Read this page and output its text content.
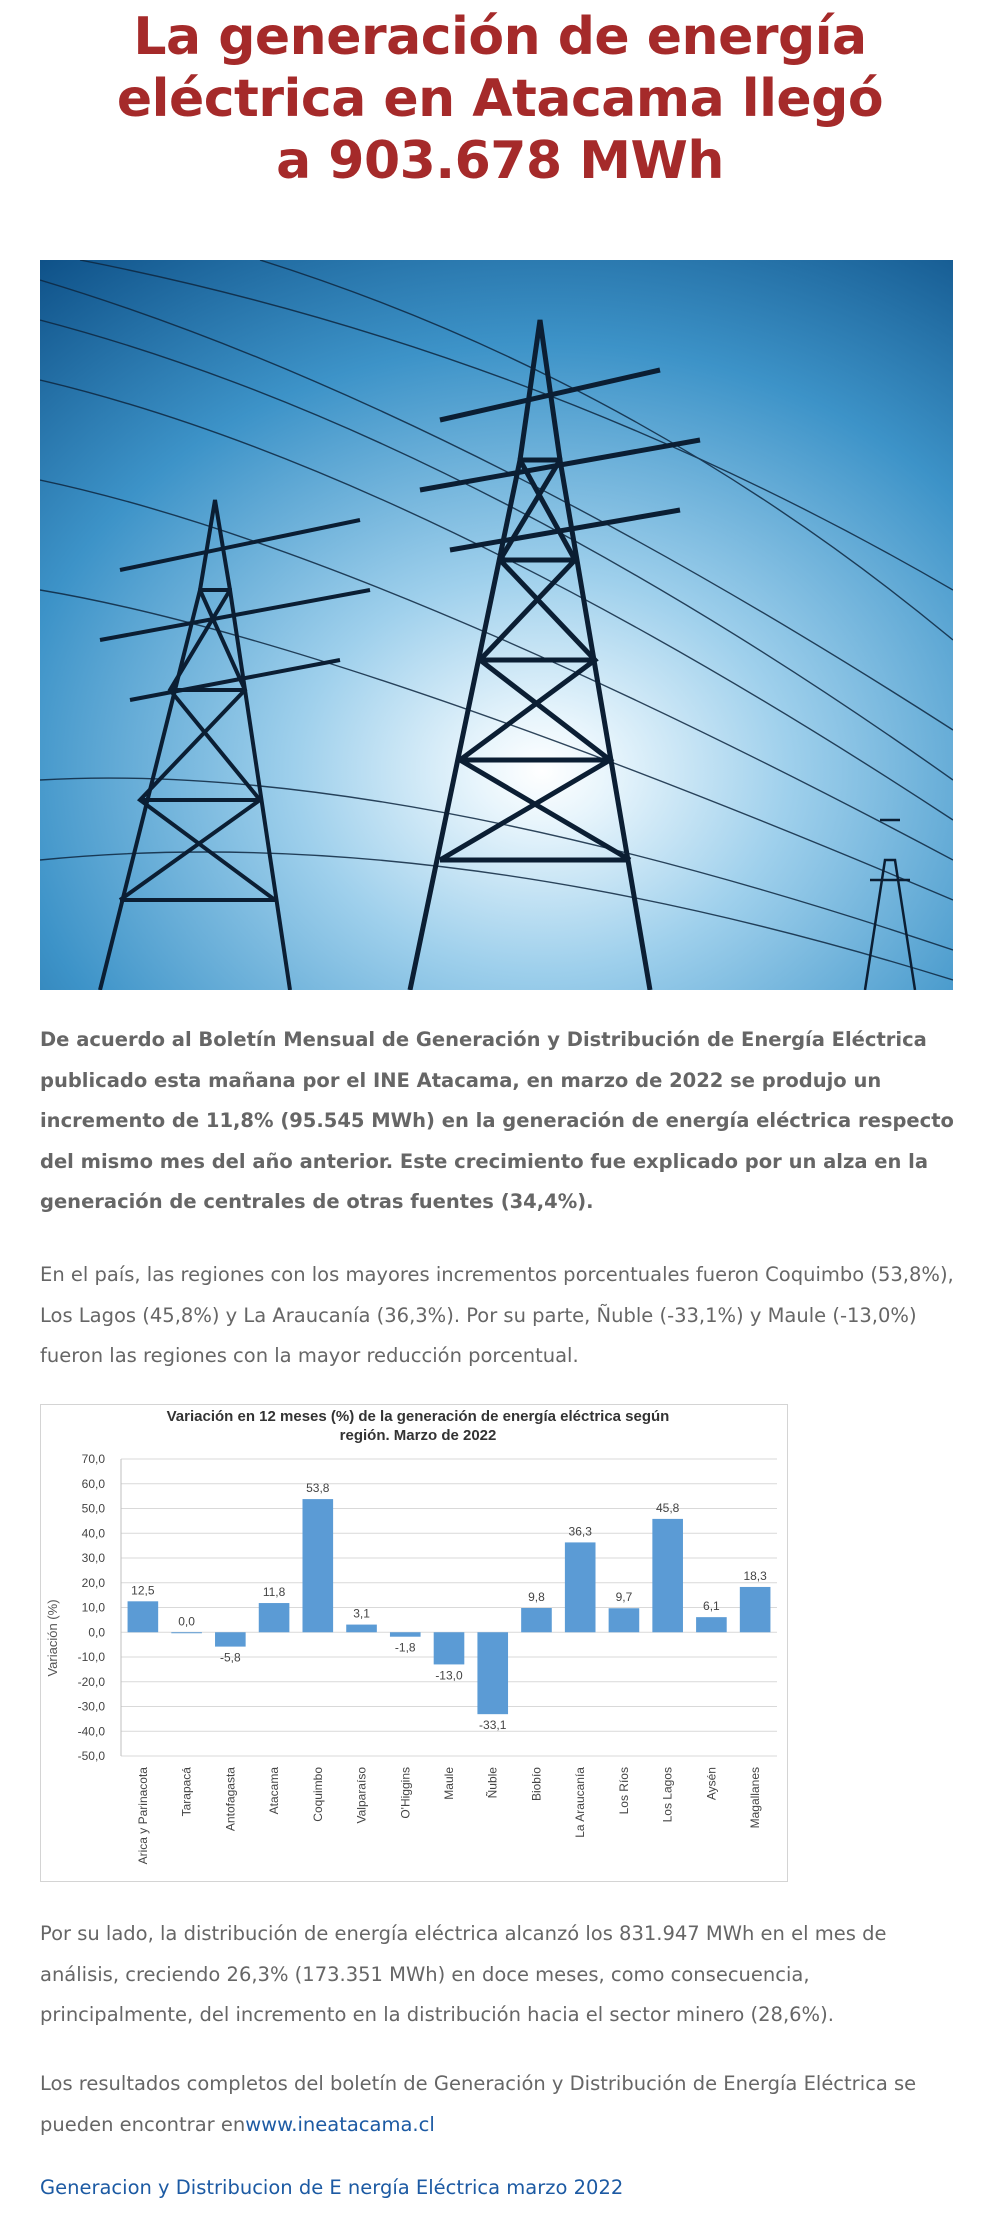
La generación de energía
eléctrica en Atacama llegó
a 903.678 MWh

De acuerdo al Boletín Mensual de Generación y Distribución de Energía Eléctrica publicado esta mañana por el INE Atacama, en marzo de 2022 se produjo un incremento de 11,8% (95.545 MWh) en la generación de energía eléctrica respecto del mismo mes del año anterior. Este crecimiento fue explicado por un alza en la generación de centrales de otras fuentes (34,4%).

En el país, las regiones con los mayores incrementos porcentuales fueron Coquimbo (53,8%), Los Lagos (45,8%) y La Araucanía (36,3%). Por su parte, Ñuble (-33,1%) y Maule (-13,0%) fueron las regiones con la mayor reducción porcentual.

Variación en 12 meses (%) de la generación de energía eléctrica según
región. Marzo de 2022
Variación (%)
70,0
60,0
50,0
40,0
30,0
20,0
10,0
0,0
-10,0
-20,0
-30,0
-40,0
-50,0
12,5
Arica y Parinacota
0,0
Tarapacá
-5,8
Antofagasta
11,8
Atacama
53,8
Coquimbo
3,1
Valparaíso
-1,8
O'Higgins
-13,0
Maule
-33,1
Ñuble
9,8
Biobío
36,3
La Araucanía
9,7
Los Ríos
45,8
Los Lagos
6,1
Aysén
18,3
Magallanes

Por su lado, la distribución de energía eléctrica alcanzó los 831.947 MWh en el mes de análisis, creciendo 26,3% (173.351 MWh) en doce meses, como consecuencia, principalmente, del incremento en la distribución hacia el sector minero (28,6%).

Los resultados completos del boletín de Generación y Distribución de Energía Eléctrica se pueden encontrar enwww.ineatacama.cl

Generacion y Distribucion de E nergía Eléctrica marzo 2022
